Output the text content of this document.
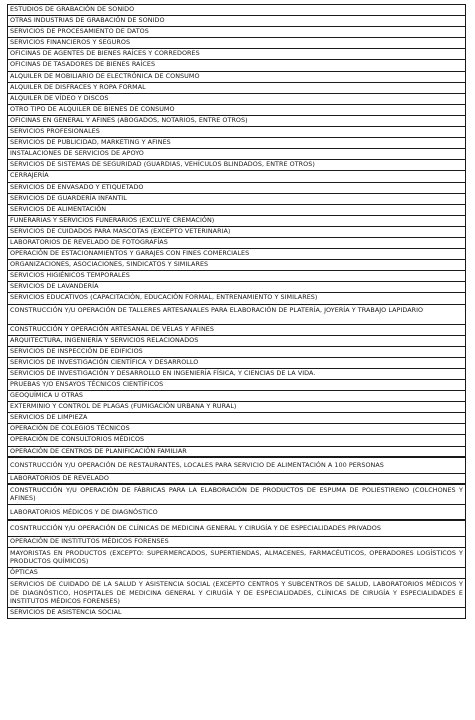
ESTUDIOS DE GRABACIÓN DE SONIDO
OTRAS INDUSTRIAS DE GRABACIÓN DE SONIDO
SERVICIOS DE PROCESAMIENTO DE DATOS
SERVICIOS FINANCIEROS Y SEGUROS
OFICINAS DE AGENTES DE BIENES RAÍCES Y CORREDORES
OFICINAS DE TASADORES DE BIENES RAÍCES
ALQUILER DE MOBILIARIO DE ELECTRÓNICA DE CONSUMO
ALQUILER DE DISFRACES Y ROPA FORMAL
ALQUILER DE VÍDEO Y DISCOS
OTRO TIPO DE ALQUILER DE BIENES DE CONSUMO
OFICINAS EN GENERAL Y AFINES (ABOGADOS, NOTARIOS, ENTRE OTROS)
SERVICIOS PROFESIONALES
SERVICIOS DE PUBLICIDAD, MARKETING Y AFINES
INSTALACIONES DE SERVICIOS DE APOYO
SERVICIOS DE SISTEMAS DE SEGURIDAD (GUARDIAS, VEHÍCULOS BLINDADOS, ENTRE OTROS)
CERRAJERÍA
SERVICIOS DE ENVASADO Y ETIQUETADO
SERVICIOS DE GUARDERÍA INFANTIL
SERVICIOS DE ALIMENTACIÓN
FUNERARIAS Y SERVICIOS FUNERARIOS (EXCLUYE CREMACIÓN)
SERVICIOS DE CUIDADOS PARA MASCOTAS (EXCEPTO VETERINARIA)
LABORATORIOS DE REVELADO DE FOTOGRAFÍAS
OPERACIÓN DE ESTACIONAMIENTOS Y GARAJES CON FINES COMERCIALES
ORGANIZACIONES, ASOCIACIONES, SINDICATOS Y SIMILARES
SERVICIOS HIGIÉNICOS TEMPORALES
SERVICIOS DE LAVANDERÍA
SERVICIOS EDUCATIVOS (CAPACITACIÓN, EDUCACIÓN FORMAL, ENTRENAMIENTO Y SIMILARES)
CONSTRUCCIÓN Y/U OPERACIÓN DE TALLERES ARTESANALES PARA ELABORACIÓN DE PLATERÍA, JOYERÍA Y TRABAJO LAPIDARIO
CONSTRUCCIÓN Y OPERACIÓN ARTESANAL DE VELAS Y AFINES
ARQUITECTURA, INGENIERÍA Y SERVICIOS RELACIONADOS
SERVICIOS DE INSPECCIÓN DE EDIFICIOS
SERVICIOS DE INVESTIGACIÓN CIENTÍFICA Y DESARROLLO
SERVICIOS DE INVESTIGACIÓN Y DESARROLLO EN INGENIERÍA FÍSICA, Y CIENCIAS DE LA VIDA.
PRUEBAS Y/O ENSAYOS TÉCNICOS CIENTÍFICOS
GEOQUÍMICA U OTRAS
EXTERMINIO Y CONTROL DE PLAGAS (FUMIGACIÓN URBANA Y RURAL)
SERVICIOS DE LIMPIEZA
OPERACIÓN DE COLEGIOS TÉCNICOS
OPERACIÓN DE CONSULTORIOS MÉDICOS
OPERACIÓN DE CENTROS DE PLANIFICACIÓN FAMILIAR
CONSTRUCCIÓN Y/U OPERACIÓN DE RESTAURANTES, LOCALES PARA SERVICIO DE ALIMENTACIÓN A 100 PERSONAS
LABORATORIOS DE REVELADO
CONSTRUCCIÓN Y/U OPERACIÓN DE FÁBRICAS PARA LA ELABORACIÓN DE PRODUCTOS DE ESPUMA DE POLIESTIRENO (COLCHONES Y AFINES)
LABORATORIOS MÉDICOS Y DE DIAGNÓSTICO
COSNTRUCCIÓN Y/U OPERACIÓN DE CLÍNICAS DE MEDICINA GENERAL Y CIRUGÍA Y DE ESPECIALIDADES PRIVADOS
OPERACIÓN DE INSTITUTOS MÉDICOS FORENSES
MAYORISTAS EN PRODUCTOS (EXCEPTO: SUPERMERCADOS, SUPERTIENDAS, ALMACENES, FARMACÉUTICOS, OPERADORES LOGÍSTICOS Y PRODUCTOS QUÍMICOS)
ÓPTICAS
SERVICIOS DE CUIDADO DE LA SALUD Y ASISTENCIA SOCIAL (EXCEPTO CENTROS Y SUBCENTROS DE SALUD, LABORATORIOS MÉDICOS Y DE DIAGNÓSTICO, HOSPITALES DE MEDICINA GENERAL Y CIRUGÍA Y DE ESPECIALIDADES, CLÍNICAS DE CIRUGÍA Y ESPECIALIDADES E INSTITUTOS MÉDICOS FORENSES)
SERVICIOS DE ASISTENCIA SOCIAL
